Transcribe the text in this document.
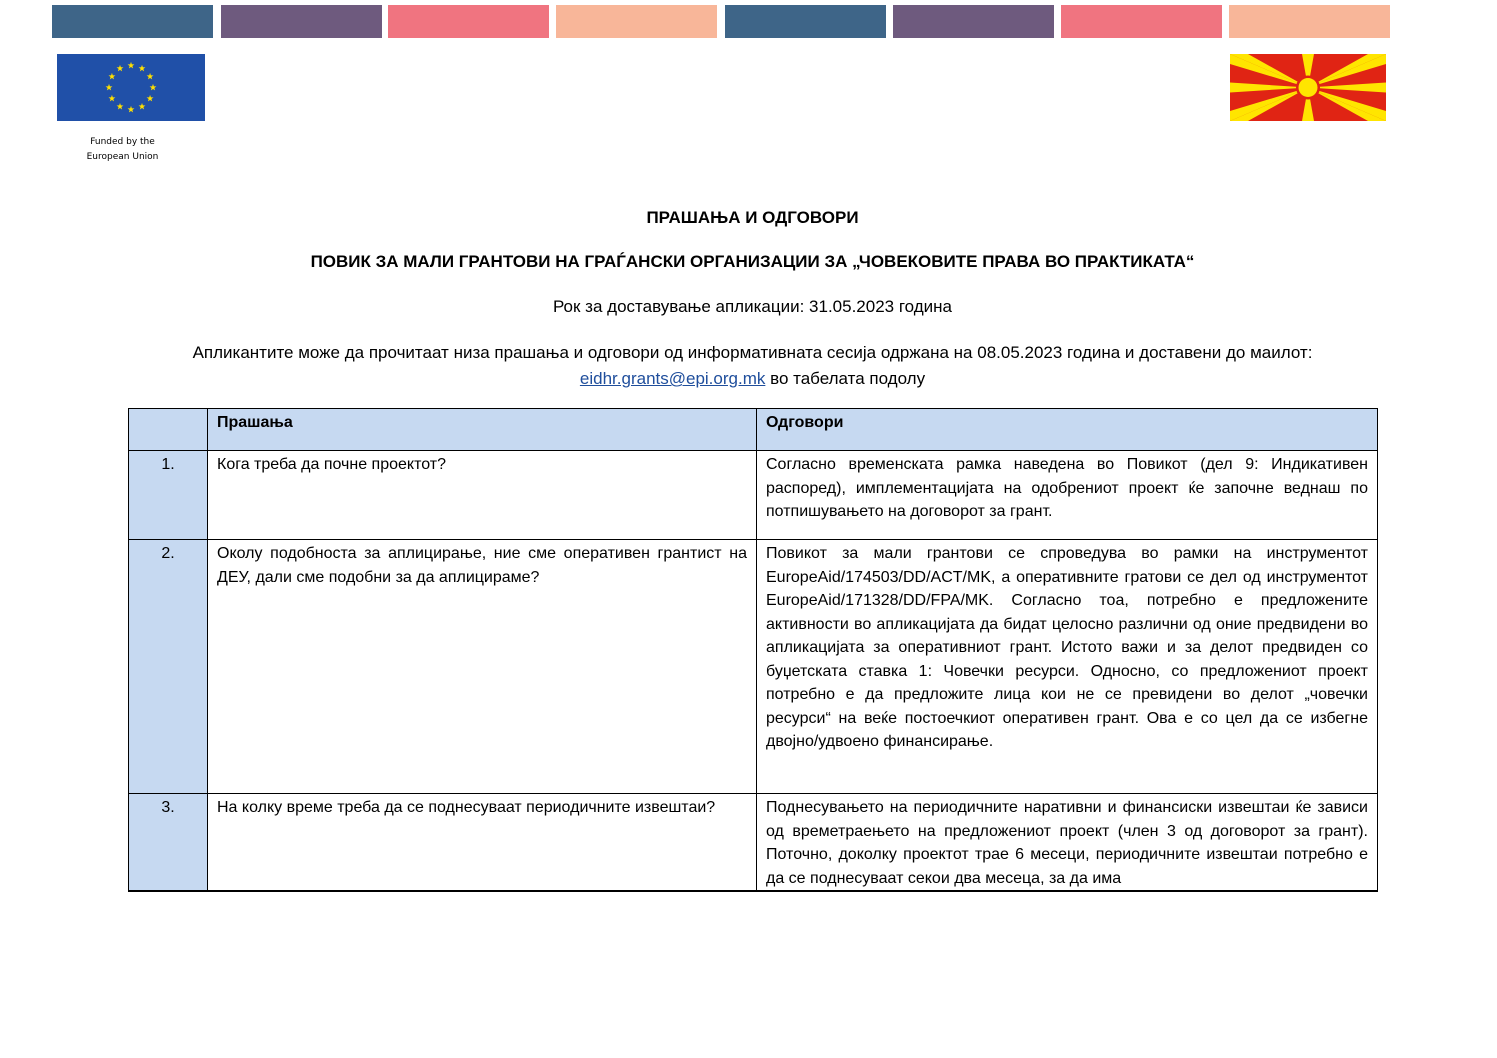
Funded by the
European Union
ПРАШАЊА И ОДГОВОРИ
ПОВИК ЗА МАЛИ ГРАНТОВИ НА ГРАЃАНСКИ ОРГАНИЗАЦИИ ЗА „ЧОВЕКОВИТЕ ПРАВА ВО ПРАКТИКАТА“
Рок за доставување апликации: 31.05.2023 година
Апликантите може да прочитаат низа прашања и одговори од информативната сесија одржана на 08.05.2023 година и доставени до маилот: eidhr.grants@epi.org.mk во табелата подолу
	Прашања	Одговори
1.	Кога треба да почне проектот?	Согласно временската рамка наведена во Повикот (дел 9: Индикативен распоред), имплементацијата на одобрениот проект ќе започне веднаш по потпишувањето на договорот за грант.
2.	Околу подобноста за аплицирање, ние сме оперативен грантист на ДЕУ, дали сме подобни за да аплицираме?	Повикот за мали грантови се спроведува во рамки на инструментот EuropeAid/174503/DD/ACT/MK, а оперативните гратови се дел од инструментот EuropeAid/171328/DD/FPA/MK. Согласно тоа, потребно е предложените активности во апликацијата да бидат целосно различни од оние предвидени во апликацијата за оперативниот грант. Истото важи и за делот предвиден со буџетската ставка 1: Човечки ресурси. Односно, со предложениот проект потребно е да предложите лица кои не се превидени во делот „човечки ресурси“ на веќе постоечкиот оперативен грант. Ова е со цел да се избегне двојно/удвоено финансирање.
3.	На колку време треба да се поднесуваат периодичните извештаи?	Поднесувањето на периодичните наративни и финансиски извештаи ќе зависи од времетраењето на предложениот проект (член 3 од договорот за грант). Поточно, доколку проектот трае 6 месеци, периодичните извештаи потребно е да се поднесуваат секои два месеца, за да има
